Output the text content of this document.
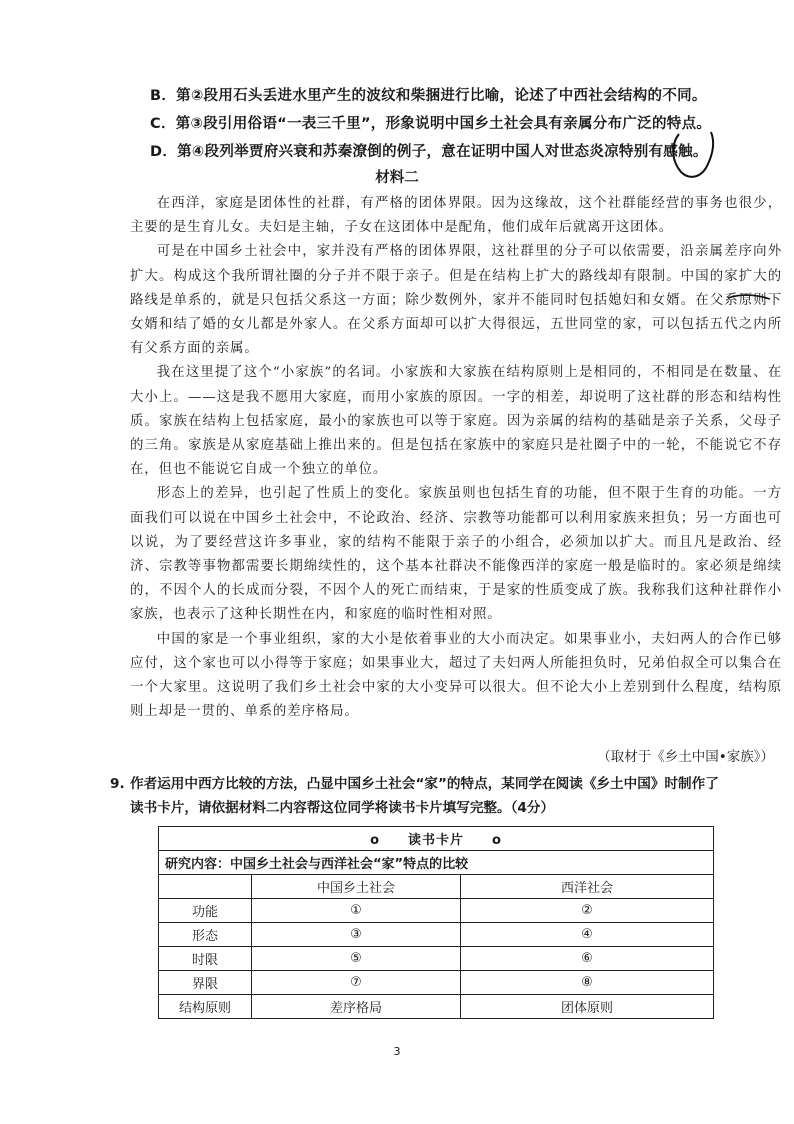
B．第②段用石头丢进水里产生的波纹和柴捆进行比喻，论述了中西社会结构的不同。
C．第③段引用俗语“一表三千里”，形象说明中国乡土社会具有亲属分布广泛的特点。
D．第④段列举贾府兴衰和苏秦潦倒的例子，意在证明中国人对世态炎凉特别有感触。
材料二

在西洋，家庭是团体性的社群，有严格的团体界限。因为这缘故，这个社群能经营的事务也很少，主要的是生育儿女。夫妇是主轴，子女在这团体中是配角，他们成年后就离开这团体。

可是在中国乡土社会中，家并没有严格的团体界限，这社群里的分子可以依需要，沿亲属差序向外扩大。构成这个我所谓社圈的分子并不限于亲子。但是在结构上扩大的路线却有限制。中国的家扩大的路线是单系的，就是只包括父系这一方面；除少数例外，家并不能同时包括媳妇和女婿。在父系原则下女婿和结了婚的女儿都是外家人。在父系方面却可以扩大得很远，五世同堂的家，可以包括五代之内所有父系方面的亲属。

我在这里提了这个“小家族”的名词。小家族和大家族在结构原则上是相同的，不相同是在数量、在大小上。——这是我不愿用大家庭，而用小家族的原因。一字的相差，却说明了这社群的形态和结构性质。家族在结构上包括家庭，最小的家族也可以等于家庭。因为亲属的结构的基础是亲子关系，父母子的三角。家族是从家庭基础上推出来的。但是包括在家族中的家庭只是社圈子中的一轮，不能说它不存在，但也不能说它自成一个独立的单位。

形态上的差异，也引起了性质上的变化。家族虽则也包括生育的功能，但不限于生育的功能。一方面我们可以说在中国乡土社会中，不论政治、经济、宗教等功能都可以利用家族来担负；另一方面也可以说，为了要经营这许多事业，家的结构不能限于亲子的小组合，必须加以扩大。而且凡是政治、经济、宗教等事物都需要长期绵续性的，这个基本社群决不能像西洋的家庭一般是临时的。家必须是绵续的，不因个人的长成而分裂，不因个人的死亡而结束，于是家的性质变成了族。我称我们这种社群作小家族，也表示了这种长期性在内，和家庭的临时性相对照。

中国的家是一个事业组织，家的大小是依着事业的大小而决定。如果事业小，夫妇两人的合作已够应付，这个家也可以小得等于家庭；如果事业大，超过了夫妇两人所能担负时，兄弟伯叔全可以集合在一个大家里。这说明了我们乡土社会中家的大小变异可以很大。但不论大小上差别到什么程度，结构原则上却是一贯的、单系的差序格局。

（取材于《乡土中国•家族》）
9. 作者运用中西方比较的方法，凸显中国乡土社会“家”的特点，某同学在阅读《乡土中国》时制作了
读书卡片，请依据材料二内容帮这位同学将读书卡片填写完整。（4分）
o　　读书卡片　　o		
研究内容：中国乡土社会与西洋社会“家”特点的比较		
	中国乡土社会	西洋社会
功能	①	②
形态	③	④
时限	⑤	⑥
界限	⑦	⑧
结构原则	差序格局	团体原则
3
